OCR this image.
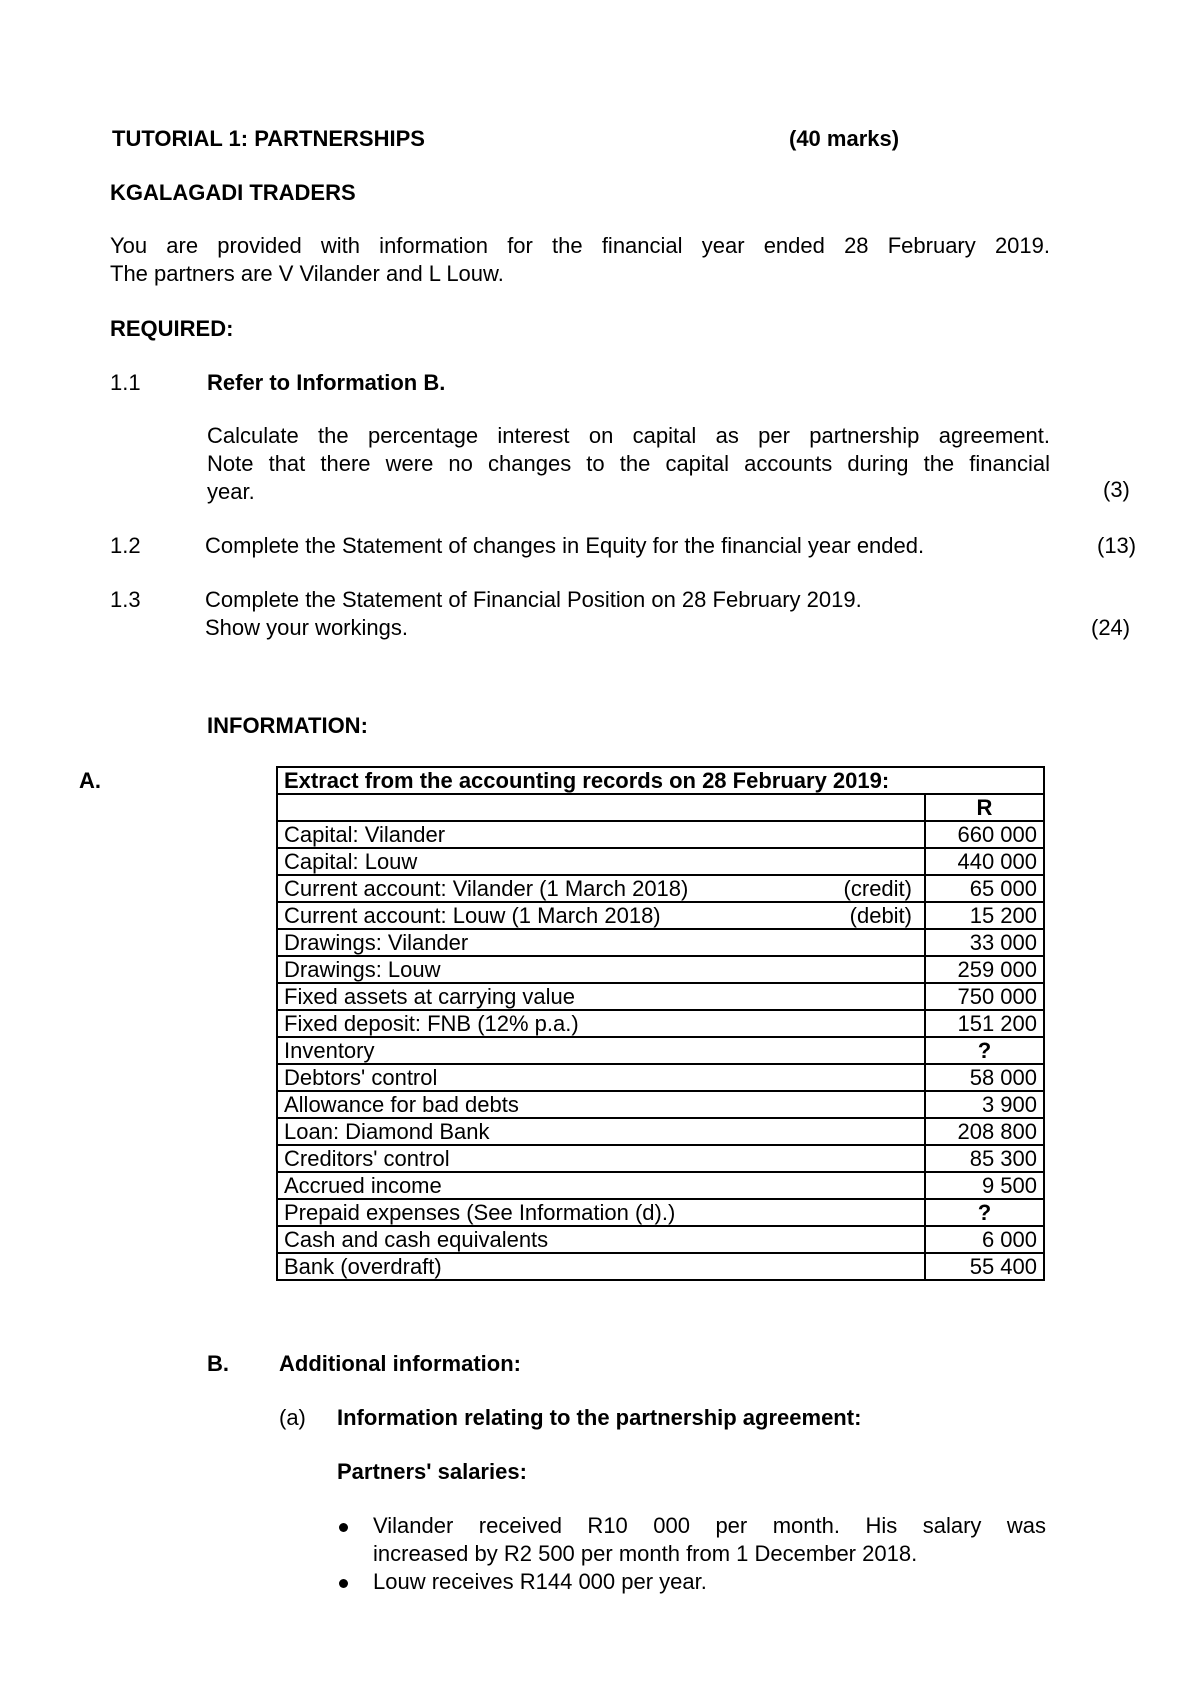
TUTORIAL 1: PARTNERSHIPS	(40 marks)
KGALAGADI TRADERS
You are provided with information for the financial year ended 28 February 2019.
The partners are V Vilander and L Louw.
REQUIRED:
1.1	Refer to Information B.
Calculate the percentage interest on capital as per partnership agreement.
Note that there were no changes to the capital accounts during the financial
year.	(3)
1.2	Complete the Statement of changes in Equity for the financial year ended.	(13)
1.3	Complete the Statement of Financial Position on 28 February 2019.
Show your workings.	(24)
INFORMATION:
A.	Extract from the accounting records on 28 February 2019:	
	R

Capital: Vilander	660 000

Capital: Louw	440 000

Current account: Vilander (1 March 2018) (credit)	65 000

Current account: Louw (1 March 2018) (debit)	15 200

Drawings: Vilander	33 000

Drawings: Louw	259 000

Fixed assets at carrying value	750 000

Fixed deposit: FNB (12% p.a.)	151 200

Inventory	?

Debtors' control	58 000

Allowance for bad debts	3 900

Loan: Diamond Bank	208 800

Creditors' control	85 300

Accrued income	9 500

Prepaid expenses (See Information (d).)	?

Cash and cash equivalents	6 000

Bank (overdraft)	55 400
B. Additional information:
(a) Information relating to the partnership agreement:
Partners' salaries:
Vilander received R10 000 per month. His salary was
increased by R2 500 per month from 1 December 2018.
Louw receives R144 000 per year.
